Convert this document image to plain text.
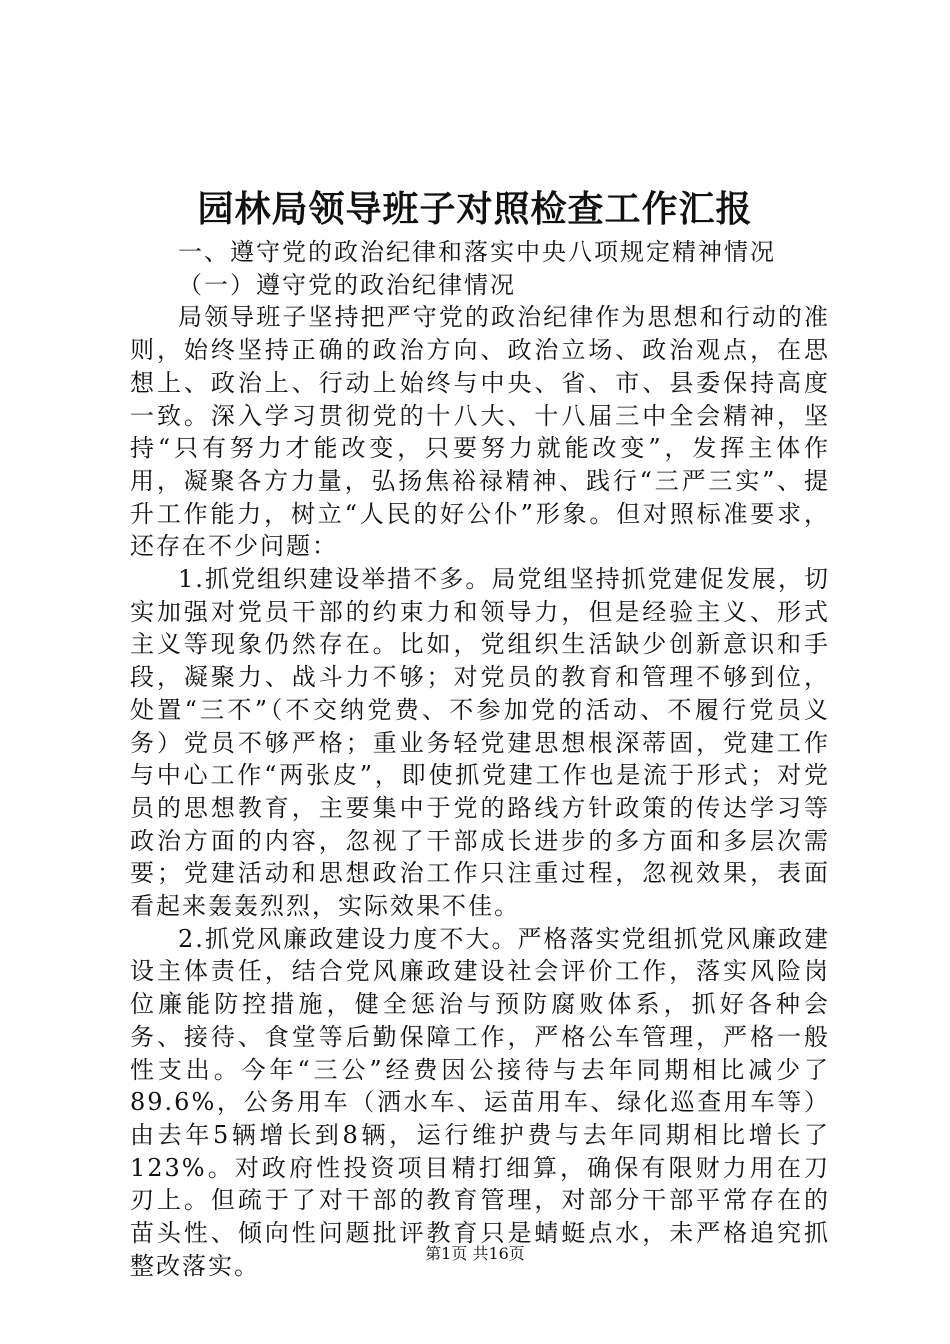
园林局领导班子对照检查工作汇报

一、遵守党的政治纪律和落实中央八项规定精神情况

（一）遵守党的政治纪律情况

局领导班子坚持把严守党的政治纪律作为思想和行动的准则，始终坚持正确的政治方向、政治立场、政治观点，在思想上、政治上、行动上始终与中央、省、市、县委保持高度一致。深入学习贯彻党的十八大、十八届三中全会精神，坚持“只有努力才能改变，只要努力就能改变”，发挥主体作用，凝聚各方力量，弘扬焦裕禄精神、践行“三严三实”、提升工作能力，树立“人民的好公仆”形象。但对照标准要求，还存在不少问题：

1.抓党组织建设举措不多。局党组坚持抓党建促发展，切实加强对党员干部的约束力和领导力，但是经验主义、形式主义等现象仍然存在。比如，党组织生活缺少创新意识和手段，凝聚力、战斗力不够；对党员的教育和管理不够到位，处置“三不”（不交纳党费、不参加党的活动、不履行党员义务）党员不够严格；重业务轻党建思想根深蒂固，党建工作与中心工作“两张皮”，即使抓党建工作也是流于形式；对党员的思想教育，主要集中于党的路线方针政策的传达学习等政治方面的内容，忽视了干部成长进步的多方面和多层次需要；党建活动和思想政治工作只注重过程，忽视效果，表面看起来轰轰烈烈，实际效果不佳。

2.抓党风廉政建设力度不大。严格落实党组抓党风廉政建设主体责任，结合党风廉政建设社会评价工作，落实风险岗位廉能防控措施，健全惩治与预防腐败体系，抓好各种会务、接待、食堂等后勤保障工作，严格公车管理，严格一般性支出。今年“三公”经费因公接待与去年同期相比减少了89.6%，公务用车（洒水车、运苗用车、绿化巡查用车等）由去年5辆增长到8辆，运行维护费与去年同期相比增长了123%。对政府性投资项目精打细算，确保有限财力用在刀刃上。但疏于了对干部的教育管理，对部分干部平常存在的苗头性、倾向性问题批评教育只是蜻蜓点水，未严格追究抓整改落实。	第1页 共16页
